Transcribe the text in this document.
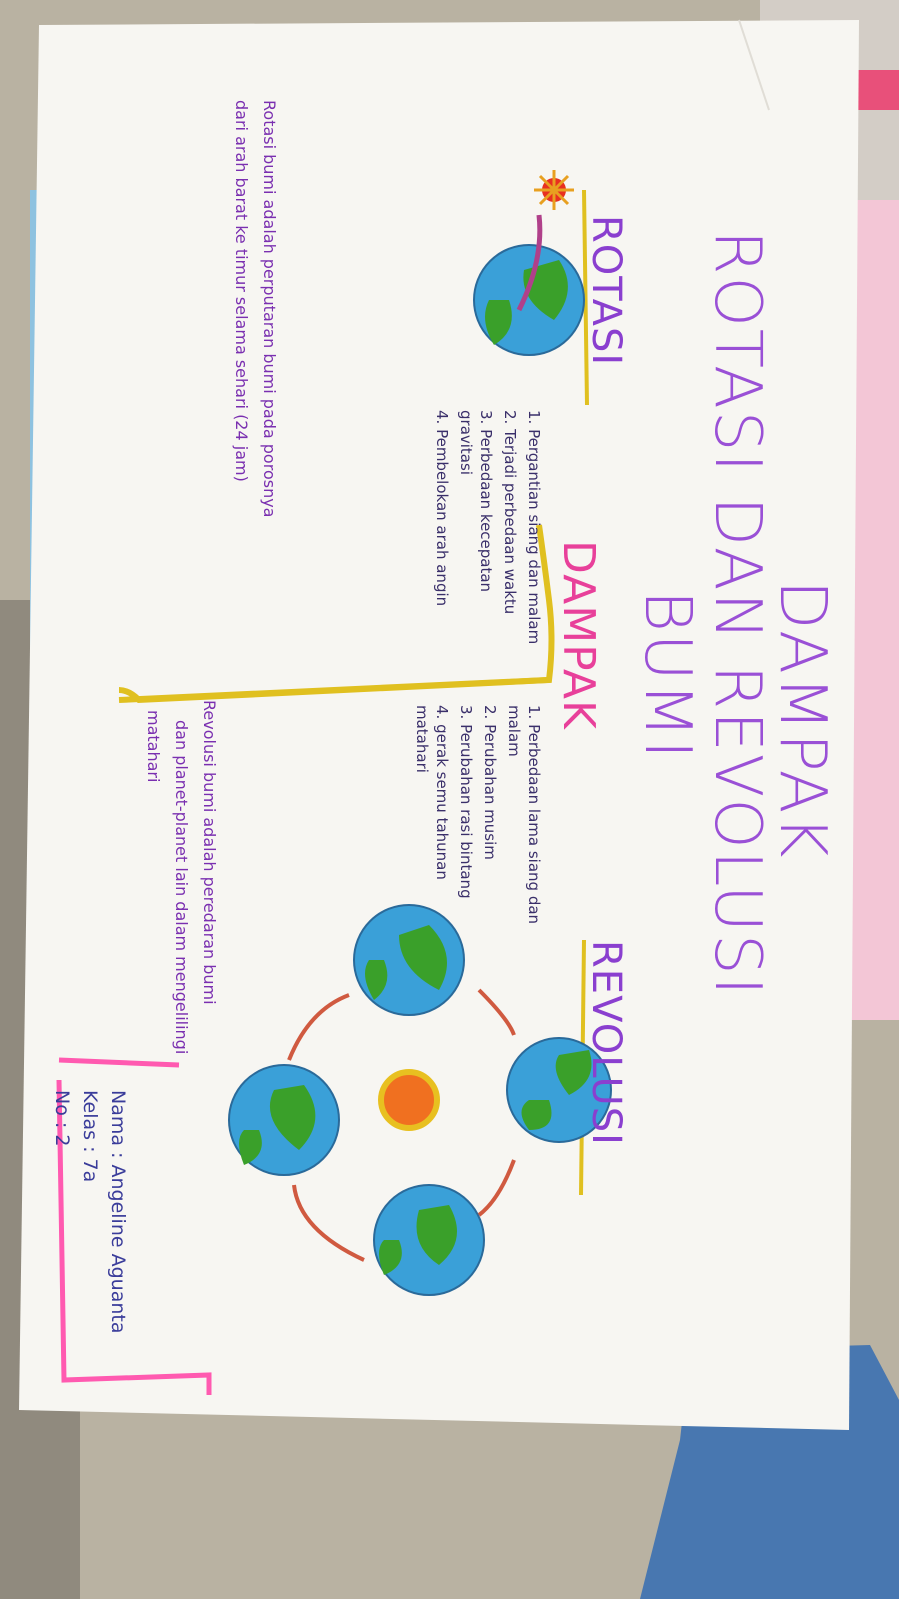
DAMPAK
ROTASI DAN REVOLUSI
BUMI
ROTASI
REVOLUSI
DAMPAK
1. Pergantian siang dan malam
2. Terjadi perbedaan waktu
3. Perbedaan kecepatan gravitasi
4. Pembelokan arah angin
1. Perbedaan lama siang dan malam
2. Perubahan musim
3. Perubahan rasi bintang
4. gerak semu tahunan matahari
Rotasi bumi adalah perputaran bumi pada porosnya
dari arah barat ke timur selama sehari (24 jam)
Revolusi bumi adalah peredaran bumi
dan planet-planet lain dalam mengelilingi
matahari
Nama : Angeline Aguanta
Kelas : 7a
No : 2
